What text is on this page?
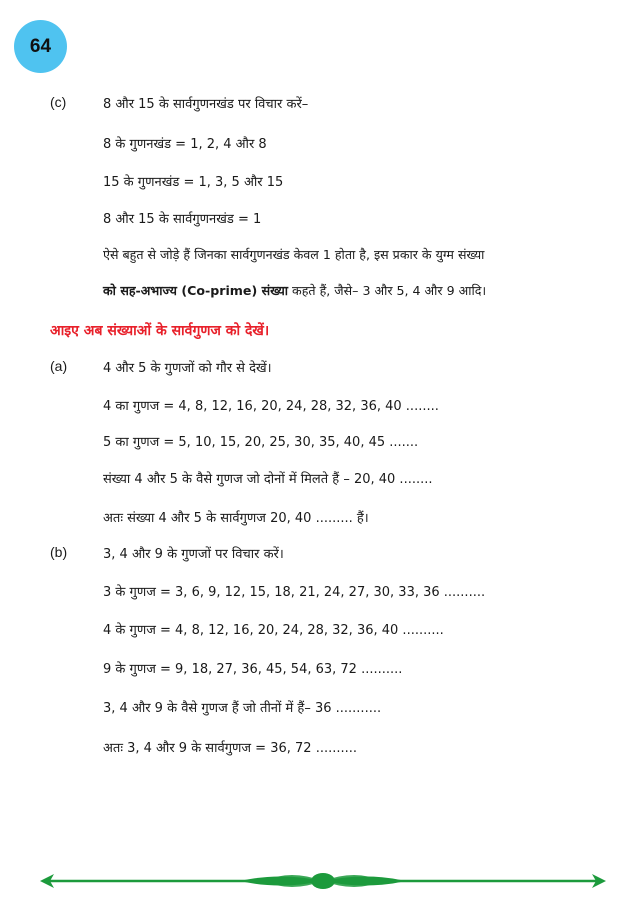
64
(c)	8 और 15 के सार्वगुणनखंड पर विचार करें–
8 के गुणनखंड = 1, 2, 4 और 8
15 के गुणनखंड = 1, 3, 5 और 15
8 और 15 के सार्वगुणनखंड = 1
ऐसे बहुत से जोड़े हैं जिनका सार्वगुणनखंड केवल 1 होता है, इस प्रकार के युग्म संख्या
को सह-अभाज्य (Co-prime) संख्या कहते हैं, जैसे– 3 और 5, 4 और 9 आदि।
आइए अब संख्याओं के सार्वगुणज को देखें।
(a)	4 और 5 के गुणजों को गौर से देखें।
4 का गुणज = 4, 8, 12, 16, 20, 24, 28, 32, 36, 40 ........
5 का गुणज = 5, 10, 15, 20, 25, 30, 35, 40, 45 .......
संख्या 4 और 5 के वैसे गुणज जो दोनों में मिलते हैं – 20, 40 ........
अतः संख्या 4 और 5 के सार्वगुणज 20, 40 ......... हैं।
(b)	3, 4 और 9 के गुणजों पर विचार करें।
3 के गुणज = 3, 6, 9, 12, 15, 18, 21, 24, 27, 30, 33, 36 ..........
4 के गुणज = 4, 8, 12, 16, 20, 24, 28, 32, 36, 40 ..........
9 के गुणज = 9, 18, 27, 36, 45, 54, 63, 72 ..........
3, 4 और 9 के वैसे गुणज हैं जो तीनों में हैं– 36 ...........
अतः 3, 4 और 9 के सार्वगुणज = 36, 72 ..........
